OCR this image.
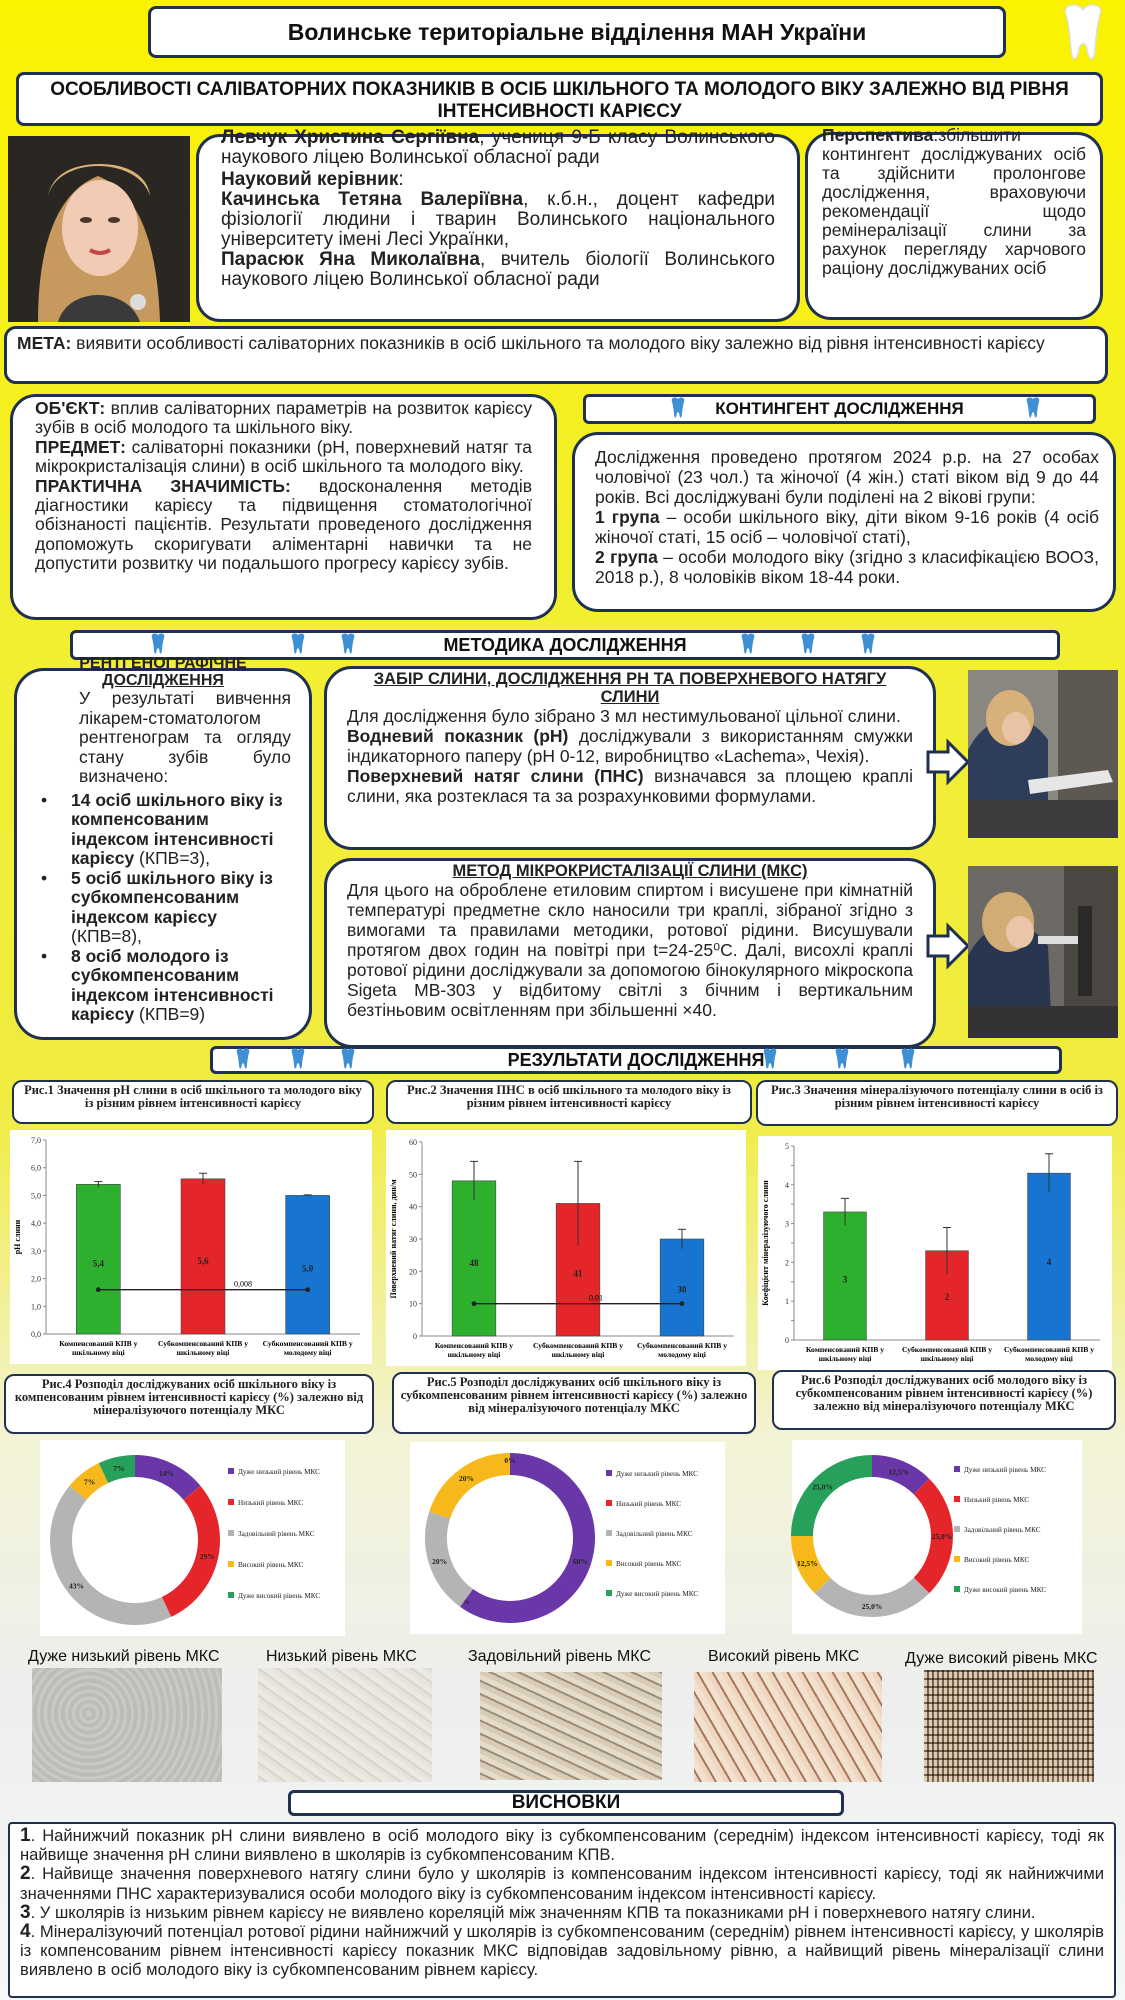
Волинське територіальне відділення МАН України
ОСОБЛИВОСТІ САЛІВАТОРНИХ ПОКАЗНИКІВ В ОСІБ ШКІЛЬНОГО ТА МОЛОДОГО ВІКУ ЗАЛЕЖНО ВІД РІВНЯ ІНТЕНСИВНОСТІ КАРІЄСУ
Левчук Христина Сергіївна, учениця 9-Б класу Волинського наукового ліцею Волинської обласної ради
Науковий керівник:
Качинська Тетяна Валеріївна, к.б.н., доцент кафедри фізіології людини і тварин Волинського національного університету імені Лесі Українки,
Парасюк Яна Миколаївна, вчитель біології Волинського наукового ліцею Волинської обласної ради
Перспектива:збільшити контингент досліджуваних осіб та здійснити пролонгове дослідження, враховуючи рекомендації щодо ремінералізації слини за рахунок перегляду харчового раціону досліджуваних осіб
МЕТА: виявити особливості саліваторних показників в осіб шкільного та молодого віку залежно від рівня інтенсивності карієсу
ОБ'ЄКТ: вплив саліваторних параметрів на розвиток карієсу зубів в осіб молодого та шкільного віку.
ПРЕДМЕТ: саліваторні показники (рН, поверхневий натяг та мікрокристалізація слини) в осіб шкільного та молодого віку.
ПРАКТИЧНА ЗНАЧИМІСТЬ: вдосконалення методів діагностики карієсу та підвищення стоматологічної обізнаності пацієнтів. Результати проведеного дослідження допоможуть скоригувати аліментарні навички та не допустити розвитку чи подальшого прогресу карієсу зубів.
КОНТИНГЕНТ ДОСЛІДЖЕННЯ
Дослідження проведено протягом 2024 р.р. на 27 особах чоловічої (23 чол.) та жіночої (4 жін.) статі віком від 9 до 44 років. Всі досліджувані були поділені на 2 вікові групи:
1 група – особи шкільного віку, діти віком 9-16 років (4 осіб жіночої статі, 15 осіб – чоловічої статі),
2 група – особи молодого віку (згідно з класифікацією ВООЗ, 2018 р.), 8 чоловіків віком 18-44 роки.
МЕТОДИКА ДОСЛІДЖЕННЯ
РЕНТГЕНОГРАФІЧНЕ ДОСЛІДЖЕННЯ
У результаті вивчення лікарем-стоматологом рентгенограм та огляду стану зубів було визначено:
• 14 осіб шкільного віку із компенсованим індексом інтенсивності карієсу (КПВ=3),
• 5 осіб шкільного віку із субкомпенсованим індексом карієсу (КПВ=8),
• 8 осіб молодого із субкомпенсованим індексом інтенсивності карієсу (КПВ=9)
ЗАБІР СЛИНИ, ДОСЛІДЖЕННЯ РН ТА ПОВЕРХНЕВОГО НАТЯГУ СЛИНИ
Для дослідження було зібрано 3 мл нестимульованої цільної слини.
Водневий показник (рН) досліджували з використанням смужки індикаторного паперу (рН 0-12, виробництво «Lachema», Чехія).
Поверхневий натяг слини (ПНС) визначався за площею краплі слини, яка розтеклася та за розрахунковими формулами.
МЕТОД МІКРОКРИСТАЛІЗАЦІЇ СЛИНИ (МКС)
Для цього на оброблене етиловим спиртом і висушене при кімнатній температурі предметне скло наносили три краплі, зібраної згідно з вимогами та правилами методики, ротової рідини. Висушували протягом двох годин на повітрі при t=24-25⁰С. Далі, висохлі краплі ротової рідини досліджували за допомогою бінокулярного мікроскопа Sigeta MB-303 у відбитому світлі з бічним і вертикальним безтіньовим освітленням при збільшенні ×40.
РЕЗУЛЬТАТИ ДОСЛІДЖЕННЯ
Рис.1 Значення рН слини в осіб шкільного та молодого віку із різним рівнем інтенсивності карієсу
Рис.2 Значення ПНС в осіб шкільного та молодого віку із різним рівнем інтенсивності карієсу
Рис.3 Значення мінералізуючого потенціалу слини в осіб із різним рівнем інтенсивності карієсу
0,0
1,0
2,0
3,0
4,0
5,0
6,0
7,0
рН слини
5,4
Компенсований КПВ у
шкільному віці
5,6
Субкомпенсований КПВ у
шкільному віці
5,0
Субкомпенсований КПВ у
молодому віці
0,008
0
10
20
30
40
50
60
Поверхневий натяг слини, дин/м	48
Компенсований КПВ у
шкільному віці
41
Субкомпенсований КПВ у
шкільному віці
30
Субкомпенсований КПВ у
молодому віці
0,01
0
1
2
3
4
5
Коефіцієнт мінералізуючого слини	3
Компенсований КПВ у
шкільному віці
2
Субкомпенсований КПВ у
шкільному віці
4
Субкомпенсований КПВ у
молодому віці
Рис.4 Розподіл досліджуваних осіб шкільного віку із компенсованим рівнем інтенсивності карієсу (%) залежно від мінералізуючого потенціалу МКС
Рис.5 Розподіл досліджуваних осіб шкільного віку із субкомпенсованим рівнем інтенсивності карієсу (%) залежно від мінералізуючого потенціалу МКС
Рис.6 Розподіл досліджуваних осіб молодого віку із субкомпенсованим рівнем інтенсивності карієсу (%) залежно від мінералізуючого потенціалу МКС
14%
29%
43%
7%
7%	Дуже низький рівень МКС
Низький рівень МКС
Задовільний рівень МКС
Високий рівень МКС
Дуже високий рівень МКС
60%
0%
20%
20%
0%
Дуже низький рівень МКС
Низький рівень МКС
Задовільний рівень МКС
Високий рівень МКС
Дуже високий рівень МКС
12,5%
25,0%
25,0%
12,5%
25,0%
Дуже низький рівень МКС
Низький рівень МКС
Задовільний рівень МКС
Високий рівень МКС
Дуже високий рівень МКС
Дуже низький рівень МКС	Низький рівень МКС	Задовільний рівень МКС	Високий рівень МКС	Дуже високий рівень МКС
ВИСНОВКИ
1. Найнижчий показник рН слини виявлено в осіб молодого віку із субкомпенсованим (середнім) індексом інтенсивності карієсу, тоді як найвище значення рН слини виявлено в школярів із субкомпенсованим КПВ.
2. Найвище значення поверхневого натягу слини було у школярів із компенсованим індексом інтенсивності карієсу, тоді як найнижчими значеннями ПНС характеризувалися особи молодого віку із субкомпенсованим індексом інтенсивності карієсу.
3. У школярів із низьким рівнем карієсу не виявлено кореляцій між значенням КПВ та показниками рН і поверхневого натягу слини.
4. Мінералізуючий потенціал ротової рідини найнижчий у школярів із субкомпенсованим (середнім) рівнем інтенсивності карієсу, у школярів із компенсованим рівнем інтенсивності карієсу показник МКС відповідав задовільному рівню, а найвищий рівень мінералізації слини виявлено в осіб молодого віку із субкомпенсованим рівнем карієсу.
